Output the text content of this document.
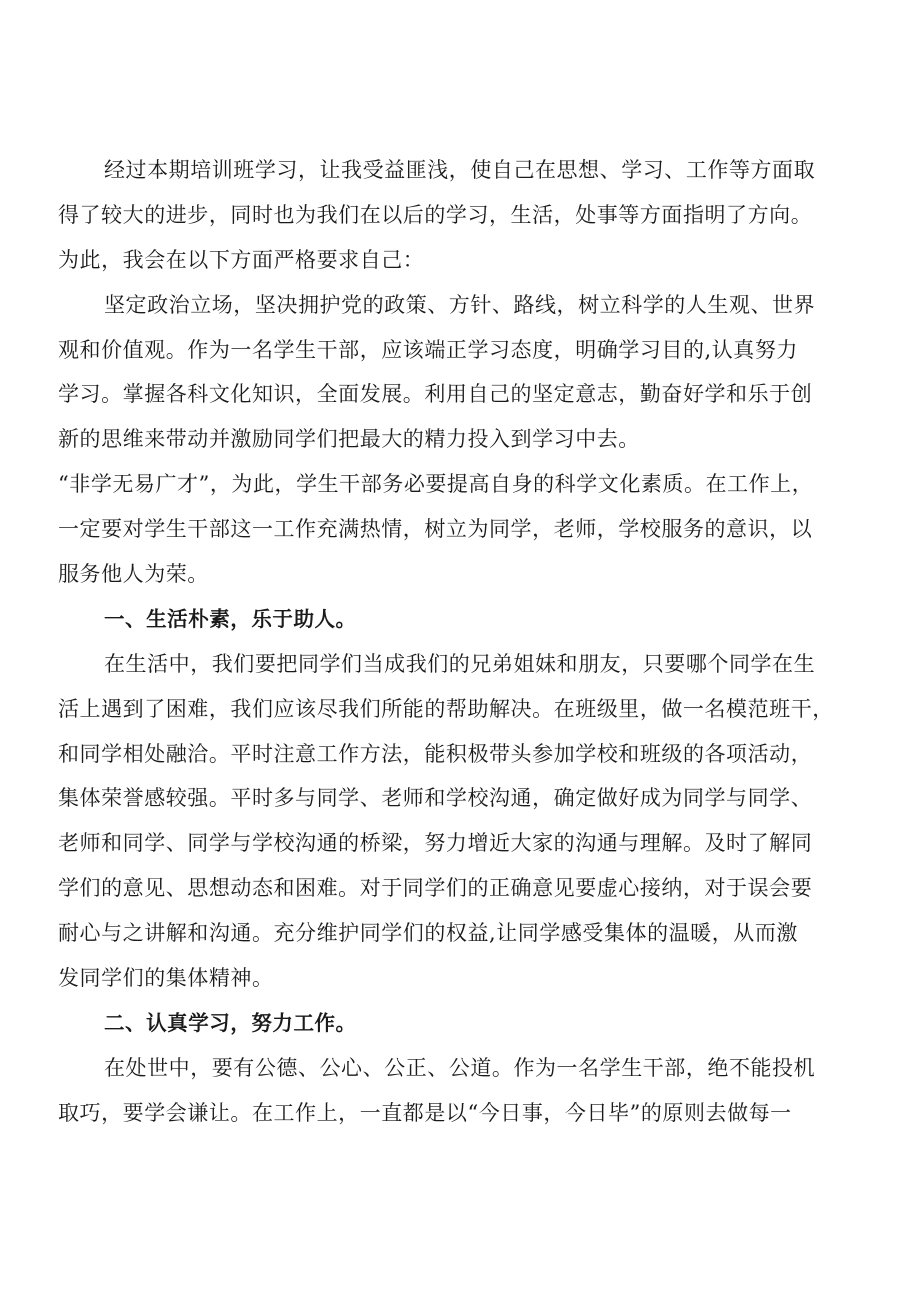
经过本期培训班学习，让我受益匪浅，使自己在思想、学习、工作等方面取
得了较大的进步，同时也为我们在以后的学习，生活，处事等方面指明了方向。
为此，我会在以下方面严格要求自己：
坚定政治立场，坚决拥护党的政策、方针、路线，树立科学的人生观、世界
观和价值观。作为一名学生干部，应该端正学习态度，明确学习目的,认真努力
学习。掌握各科文化知识，全面发展。利用自己的坚定意志，勤奋好学和乐于创
新的思维来带动并激励同学们把最大的精力投入到学习中去。
“非学无易广才”，为此，学生干部务必要提高自身的科学文化素质。在工作上，
一定要对学生干部这一工作充满热情，树立为同学，老师，学校服务的意识，以
服务他人为荣。
一、生活朴素，乐于助人。
在生活中，我们要把同学们当成我们的兄弟姐妹和朋友，只要哪个同学在生
活上遇到了困难，我们应该尽我们所能的帮助解决。在班级里，做一名模范班干，
和同学相处融洽。平时注意工作方法，能积极带头参加学校和班级的各项活动，
集体荣誉感较强。平时多与同学、老师和学校沟通，确定做好成为同学与同学、
老师和同学、同学与学校沟通的桥梁，努力增近大家的沟通与理解。及时了解同
学们的意见、思想动态和困难。对于同学们的正确意见要虚心接纳，对于误会要
耐心与之讲解和沟通。充分维护同学们的权益,让同学感受集体的温暖，从而激
发同学们的集体精神。
二、认真学习，努力工作。
在处世中，要有公德、公心、公正、公道。作为一名学生干部，绝不能投机
取巧，要学会谦让。在工作上，一直都是以“今日事，今日毕”的原则去做每一
